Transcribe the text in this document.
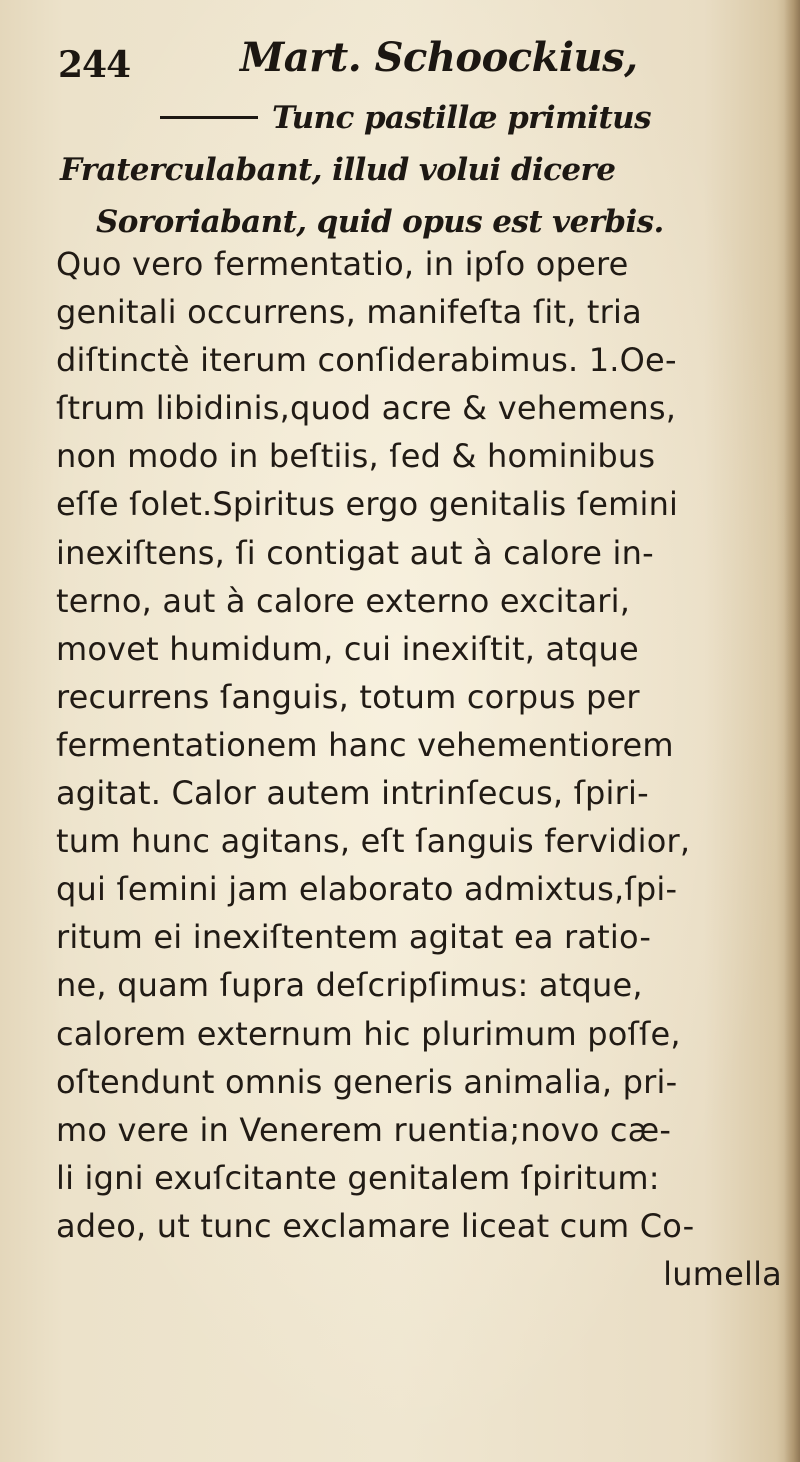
244	Mart. Schoockius,
Tunc pastillæ primitus
Fraterculabant, illud volui dicere
Sororiabant, quid opus est verbis.
Quo vero fermentatio, in ipſo opere
genitali occurrens, manifeſta ſit, tria
diſtinctè iterum conſiderabimus. 1.Oe-
ſtrum libidinis,quod acre & vehemens,
non modo in beſtiis, ſed & hominibus
eſſe ſolet.Spiritus ergo genitalis ſemini
inexiſtens, ſi contigat aut à calore in-
terno, aut à calore externo excitari,
movet humidum, cui inexiſtit, atque
recurrens ſanguis, totum corpus per
fermentationem hanc vehementiorem
agitat. Calor autem intrinſecus, ſpiri-
tum hunc agitans, eſt ſanguis fervidior,
qui ſemini jam elaborato admixtus,ſpi-
ritum ei inexiſtentem agitat ea ratio-
ne, quam ſupra deſcripſimus: atque,
calorem externum hic plurimum poſſe,
oſtendunt omnis generis animalia, pri-
mo vere in Venerem ruentia;novo cæ-
li igni exuſcitante genitalem ſpiritum:
adeo, ut tunc exclamare liceat cum Co-
lumella
